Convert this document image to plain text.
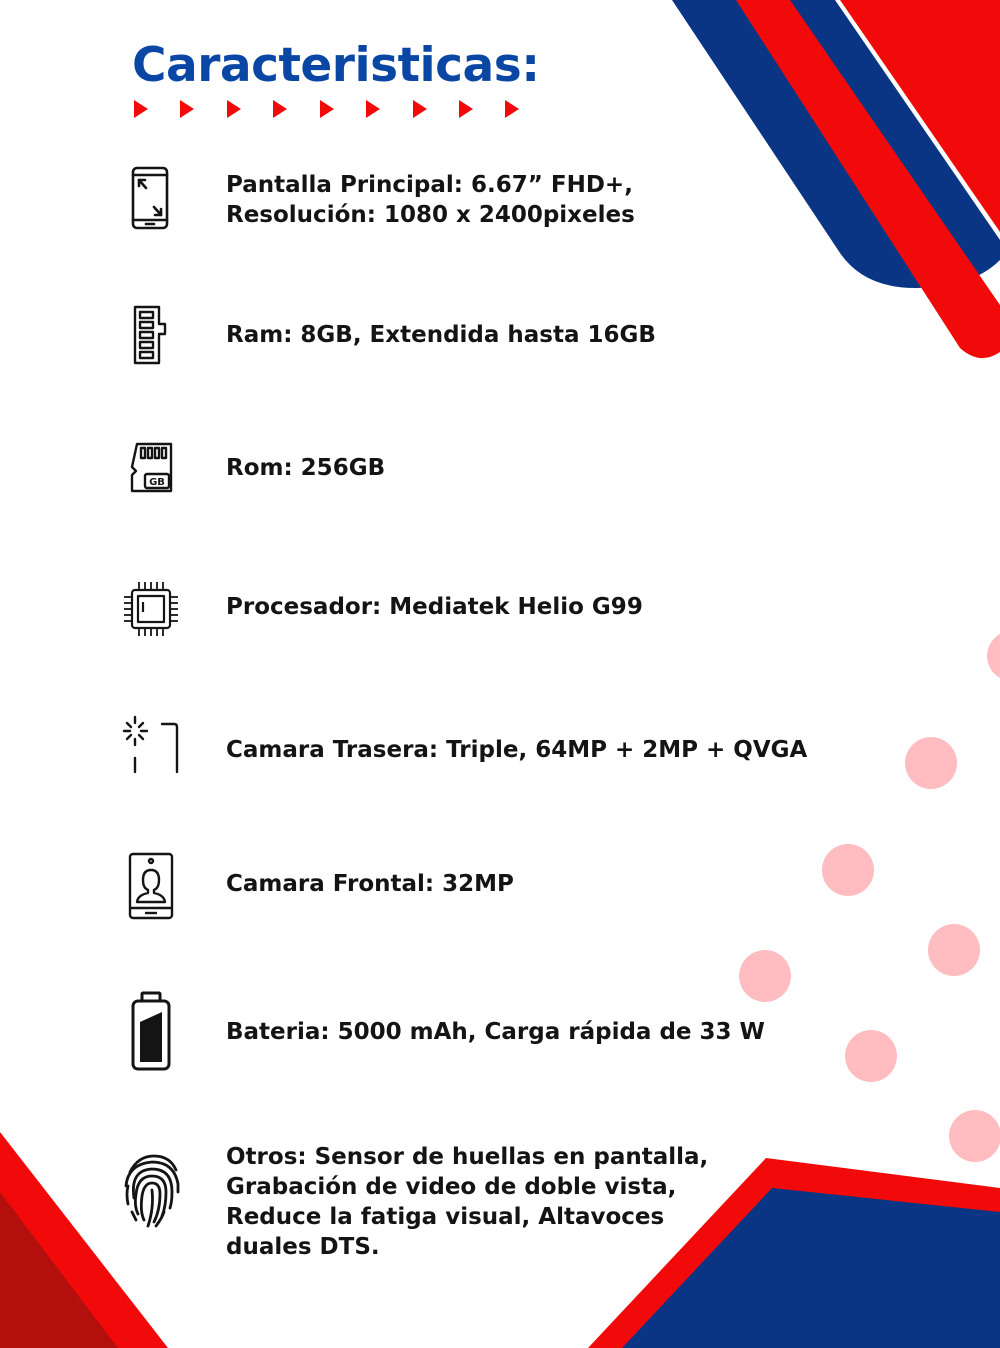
Caracteristicas:

Pantalla Principal: 6.67” FHD+, Resolución: 1080 x 2400pixeles

Ram: 8GB, Extendida hasta 16GB

GB

Rom: 256GB

Procesador: Mediatek Helio G99

Camara Trasera: Triple, 64MP + 2MP + QVGA

Camara Frontal: 32MP

Bateria: 5000 mAh, Carga rápida de 33 W

Otros: Sensor de huellas en pantalla, Grabación de video de doble vista, Reduce la fatiga visual, Altavoces duales DTS.
